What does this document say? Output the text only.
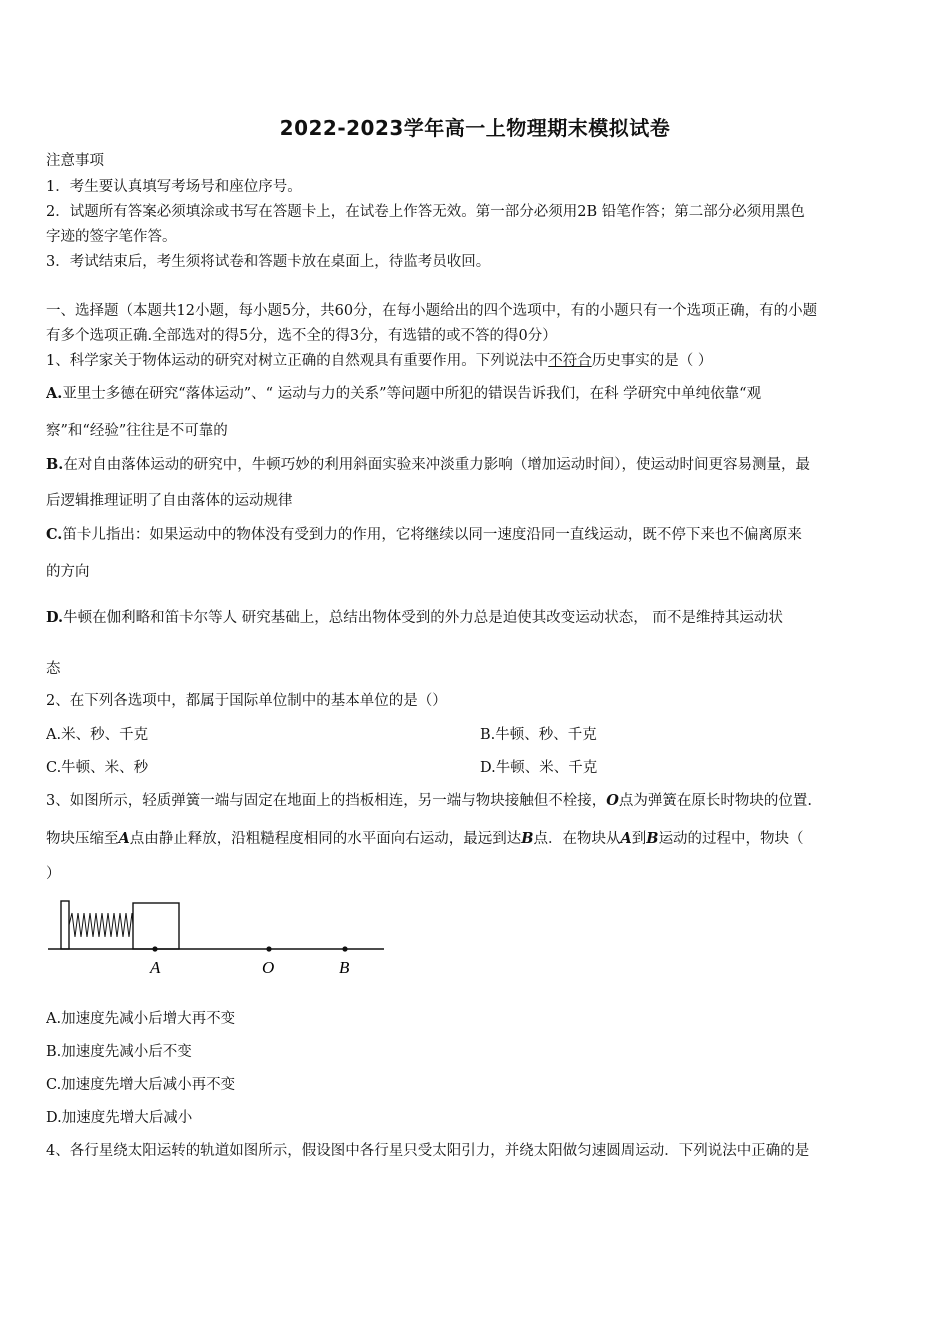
2022-2023学年高一上物理期末模拟试卷
注意事项
1．考生要认真填写考场号和座位序号。
2．试题所有答案必须填涂或书写在答题卡上，在试卷上作答无效。第一部分必须用2B 铅笔作答；第二部分必须用黑色
字迹的签字笔作答。
3．考试结束后，考生须将试卷和答题卡放在桌面上，待监考员收回。
一、选择题（本题共12小题，每小题5分，共60分，在每小题给出的四个选项中，有的小题只有一个选项正确，有的小题
有多个选项正确.全部选对的得5分，选不全的得3分，有选错的或不答的得0分）
1、科学家关于物体运动的研究对树立正确的自然观具有重要作用。下列说法中不符合历史事实的是（ ）
A.亚里士多德在研究“落体运动”、“ 运动与力的关系”等问题中所犯的错误告诉我们，在科 学研究中单纯依靠“观
察”和“经验”往往是不可靠的
B.在对自由落体运动的研究中，牛顿巧妙的利用斜面实验来冲淡重力影响（增加运动时间），使运动时间更容易测量，最
后逻辑推理证明了自由落体的运动规律
C.笛卡儿指出：如果运动中的物体没有受到力的作用，它将继续以同一速度沿同一直线运动，既不停下来也不偏离原来
的方向
D.牛顿在伽利略和笛卡尔等人 研究基础上，总结出物体受到的外力总是迫使其改变运动状态， 而不是维持其运动状
态
2、在下列各选项中，都属于国际单位制中的基本单位的是（）
A.米、秒、千克	B.牛顿、秒、千克
C.牛顿、米、秒	D.牛顿、米、千克
3、如图所示，轻质弹簧一端与固定在地面上的挡板相连，另一端与物块接触但不栓接，O点为弹簧在原长时物块的位置.
物块压缩至A点由静止释放，沿粗糙程度相同的水平面向右运动，最远到达B点．在物块从A到B运动的过程中，物块（
）
A	O	B
A.加速度先减小后增大再不变
B.加速度先减小后不变
C.加速度先增大后减小再不变
D.加速度先增大后减小
4、各行星绕太阳运转的轨道如图所示，假设图中各行星只受太阳引力，并绕太阳做匀速圆周运动．下列说法中正确的是
